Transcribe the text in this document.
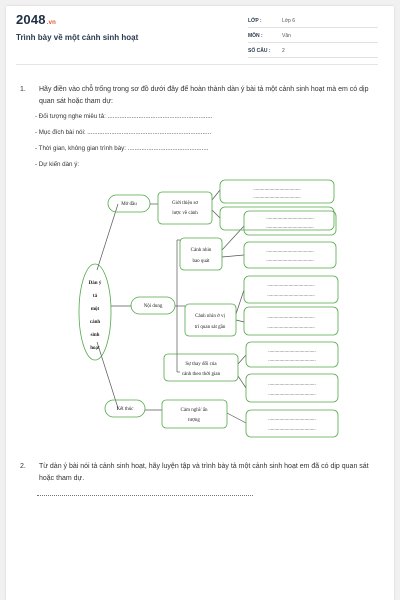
2048.vn
Trình bày về một cảnh sinh hoạt
LỚP :	Lớp 6
MÔN :	Văn
SỐ CÂU : 2
1. Hãy điền vào chỗ trống trong sơ đồ dưới đây để hoàn thành dàn ý bài tả một cảnh sinh hoạt mà em có dịp quan sát hoặc tham dự:
- Đối tượng nghe miêu tả: .............................................................
- Mục đích bài nói: ........................................................................
- Thời gian, không gian trình bày: ...............................................
- Dự kiến dàn ý:
Dàn ý
tả
một
cảnh
sinh
hoạt
Mở đầu
Nội dung
Kết thúc
Giới thiệu sơ
lược về cảnh
Cảnh nhìn
bao quát
Cảnh nhìn ở vị
trí quan sát gần
Sự thay đổi của
cảnh theo thời gian
Cảm nghĩ/ ấn
tượng
......................................
......................................
......................................
......................................
......................................
......................................
......................................
......................................
......................................
......................................
......................................
......................................
......................................
......................................
......................................
......................................
2. Từ dàn ý bài nói tả cảnh sinh hoạt, hãy luyện tập và trình bày tả một cảnh sinh hoạt em đã có dịp quan sát hoặc tham dự.
